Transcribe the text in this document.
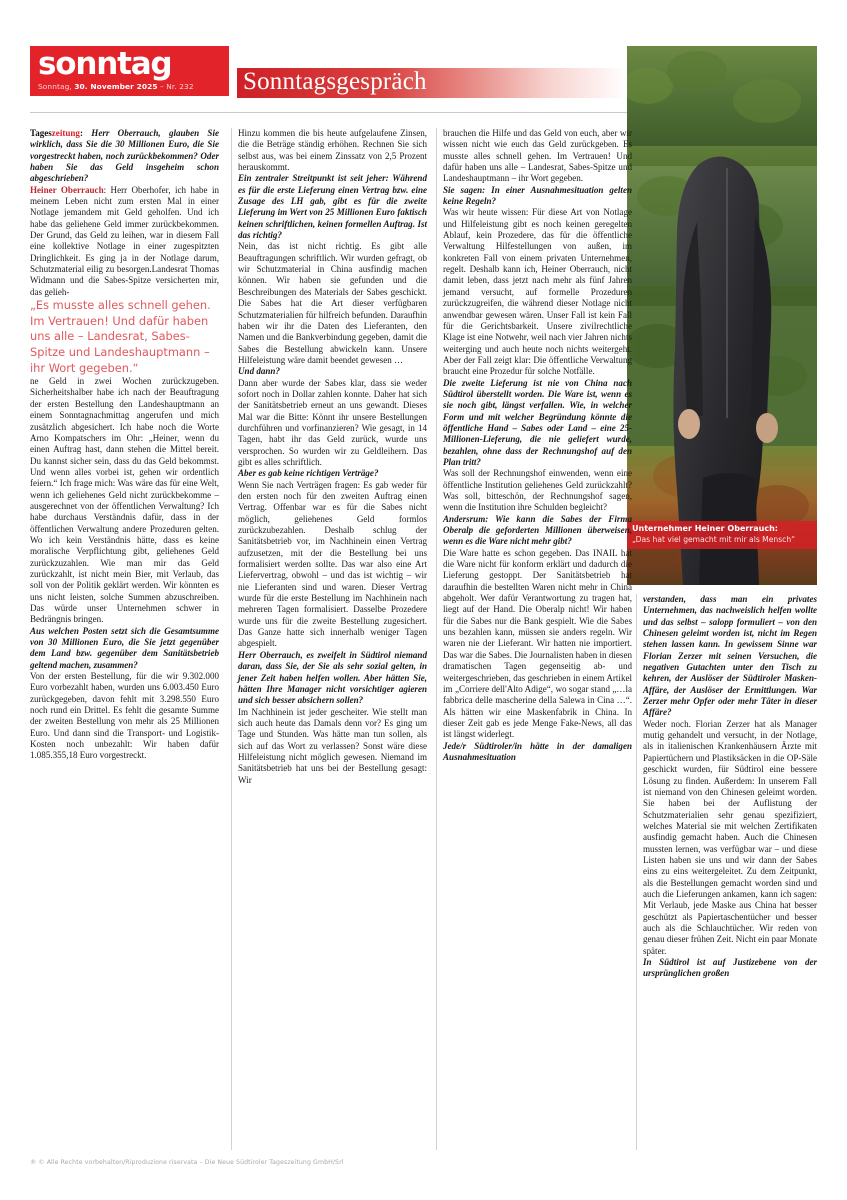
sonntag
Sonntag, 30. November 2025 – Nr. 232	Sonntagsgespräch
Unternehmer Heiner Oberrauch:
„Das hat viel gemacht mit mir als Mensch“

Tageszeitung: Herr Oberrauch, glauben Sie wirklich, dass Sie die 30 Millionen Euro, die Sie vorgestreckt haben, noch zurückbekommen? Oder haben Sie das Geld insgeheim schon abgeschrieben?

Heiner Oberrauch: Herr Oberhofer, ich habe in meinem Leben nicht zum ersten Mal in einer Notlage jemandem mit Geld geholfen. Und ich habe das geliehene Geld immer zurückbekommen. Der Grund, das Geld zu leihen, war in diesem Fall eine kollektive Notlage in einer zugespitzten Dringlichkeit. Es ging ja in der Notlage darum, Schutzmaterial eilig zu besorgen.Landesrat Thomas Widmann und die Sabes-Spitze versicherten mir, das gelieh-

„Es musste alles schnell gehen. Im Vertrauen! Und dafür haben uns alle – Landesrat, Sabes-Spitze und Landeshauptmann – ihr Wort gegeben.“

ne Geld in zwei Wochen zurückzugeben. Sicherheitshalber habe ich nach der Beauftragung der ersten Bestellung den Landeshauptmann an einem Sonntagnachmittag angerufen und mich zusätzlich abgesichert. Ich habe noch die Worte Arno Kompatschers im Ohr: „Heiner, wenn du einen Auftrag hast, dann stehen die Mittel bereit. Du kannst sicher sein, dass du das Geld bekommst. Und wenn alles vorbei ist, gehen wir ordentlich feiern.“ Ich frage mich: Was wäre das für eine Welt, wenn ich geliehenes Geld nicht zurückbekomme – ausgerechnet von der öffentlichen Verwaltung? Ich habe durchaus Verständnis dafür, dass in der öffentlichen Verwaltung andere Prozeduren gelten. Wo ich kein Verständnis hätte, dass es keine moralische Verpflichtung gibt, geliehenes Geld zurückzuzahlen. Wie man mir das Geld zurückzahlt, ist nicht mein Bier, mit Verlaub, das soll von der Politik geklärt werden. Wir könnten es uns nicht leisten, solche Summen abzuschreiben. Das würde unser Unternehmen schwer in Bedrängnis bringen.

Aus welchen Posten setzt sich die Gesamtsumme von 30 Millionen Euro, die Sie jetzt gegenüber dem Land bzw. gegenüber dem Sanitätsbetrieb geltend machen, zusammen?

Von der ersten Bestellung, für die wir 9.302.000 Euro vorbezahlt haben, wurden uns 6.003.450 Euro zurückgegeben, davon fehlt mit 3.298.550 Euro noch rund ein Drittel. Es fehlt die gesamte Summe der zweiten Bestellung von mehr als 25 Millionen Euro. Und dann sind die Transport- und Logistik-Kosten noch unbezahlt: Wir haben dafür 1.085.355,18 Euro vorgestreckt.

Hinzu kommen die bis heute aufgelaufene Zinsen, die die Beträge ständig erhöhen. Rechnen Sie sich selbst aus, was bei einem Zinssatz von 2,5 Prozent herauskommt.

Ein zentraler Streitpunkt ist seit jeher: Während es für die erste Lieferung einen Vertrag bzw. eine Zusage des LH gab, gibt es für die zweite Lieferung im Wert von 25 Millionen Euro faktisch keinen schriftlichen, keinen formellen Auftrag. Ist das richtig?

Nein, das ist nicht richtig. Es gibt alle Beauftragungen schriftlich. Wir wurden gefragt, ob wir Schutzmaterial in China ausfindig machen können. Wir haben sie gefunden und die Beschreibungen des Materials der Sabes geschickt. Die Sabes hat die Art dieser verfügbaren Schutzmaterialien für hilfreich befunden. Daraufhin haben wir ihr die Daten des Lieferanten, den Namen und die Bankverbindung gegeben, damit die Sabes die Bestellung abwickeln kann. Unsere Hilfeleistung wäre damit beendet gewesen …

Und dann?

Dann aber wurde der Sabes klar, dass sie weder sofort noch in Dollar zahlen konnte. Daher hat sich der Sanitätsbetrieb erneut an uns gewandt. Dieses Mal war die Bitte: Könnt ihr unsere Bestellungen durchführen und vorfinanzieren? Wie gesagt, in 14 Tagen, habt ihr das Geld zurück, wurde uns versprochen. So wurden wir zu Geldleihern. Das gibt es alles schriftlich.

Aber es gab keine richtigen Verträge?

Wenn Sie nach Verträgen fragen: Es gab weder für den ersten noch für den zweiten Auftrag einen Vertrag. Offenbar war es für die Sabes nicht möglich, geliehenes Geld formlos zurückzubezahlen. Deshalb schlug der Sanitätsbetrieb vor, im Nachhinein einen Vertrag aufzusetzen, mit der die Bestellung bei uns formalisiert werden sollte. Das war also eine Art Liefervertrag, obwohl – und das ist wichtig – wir nie Lieferanten sind und waren. Dieser Vertrag wurde für die erste Bestellung im Nachhinein nach mehreren Tagen formalisiert. Dasselbe Prozedere wurde uns für die zweite Bestellung zugesichert. Das Ganze hatte sich innerhalb weniger Tagen abgespielt.

Herr Oberrauch, es zweifelt in Südtirol niemand daran, dass Sie, der Sie als sehr sozial gelten, in jener Zeit haben helfen wollen. Aber hätten Sie, hätten Ihre Manager nicht vorsichtiger agieren und sich besser absichern sollen?

Im Nachhinein ist jeder gescheiter. Wie stellt man sich auch heute das Damals denn vor? Es ging um Tage und Stunden. Was hätte man tun sollen, als sich auf das Wort zu verlassen? Sonst wäre diese Hilfeleistung nicht möglich gewesen. Niemand im Sanitätsbetrieb hat uns bei der Bestellung gesagt: Wir

brauchen die Hilfe und das Geld von euch, aber wir wissen nicht wie euch das Geld zurückgeben. Es musste alles schnell gehen. Im Vertrauen! Und dafür haben uns alle – Landesrat, Sabes-Spitze und Landeshauptmann – ihr Wort gegeben.

Sie sagen: In einer Ausnahmesituation gelten keine Regeln?

Was wir heute wissen: Für diese Art von Notlage und Hilfeleistung gibt es noch keinen geregelten Ablauf, kein Prozedere, das für die öffentliche Verwaltung Hilfestellungen von außen, im konkreten Fall von einem privaten Unternehmen, regelt. Deshalb kann ich, Heiner Oberrauch, nicht damit leben, dass jetzt nach mehr als fünf Jahren jemand versucht, auf formelle Prozeduren zurückzugreifen, die während dieser Notlage nicht anwendbar gewesen wären. Unser Fall ist kein Fall für die Gerichtsbarkeit. Unsere zivilrechtliche Klage ist eine Notwehr, weil nach vier Jahren nichts weiterging und auch heute noch nichts weitergeht. Aber der Fall zeigt klar: Die öffentliche Verwaltung braucht eine Prozedur für solche Notfälle.

Die zweite Lieferung ist nie von China nach Südtirol überstellt worden. Die Ware ist, wenn es sie noch gibt, längst verfallen. Wie, in welcher Form und mit welcher Begründung könnte die öffentliche Hand – Sabes oder Land – eine 25-Millionen-Lieferung, die nie geliefert wurde, bezahlen, ohne dass der Rechnungshof auf den Plan tritt?

Was soll der Rechnungshof einwenden, wenn eine öffentliche Institution geliehenes Geld zurückzahlt? Was soll, bitteschön, der Rechnungshof sagen, wenn die Institution ihre Schulden begleicht?

Andersrum: Wie kann die Sabes der Firma Oberalp die geforderten Millionen überweisen, wenn es die Ware nicht mehr gibt?

Die Ware hatte es schon gegeben. Das INAIL hat die Ware nicht für konform erklärt und dadurch die Lieferung gestoppt. Der Sanitätsbetrieb hat daraufhin die bestellten Waren nicht mehr in China abgeholt. Wer dafür Verantwortung zu tragen hat, liegt auf der Hand. Die Oberalp nicht! Wir haben für die Sabes nur die Bank gespielt. Wie die Sabes uns bezahlen kann, müssen sie anders regeln. Wir waren nie der Lieferant. Wir hatten nie importiert. Das war die Sabes. Die Journalisten haben in diesen dramatischen Tagen gegenseitig ab- und weitergeschrieben, das geschrieben in einem Artikel im „Corriere dell'Alto Adige“, wo sogar stand „…la fabbrica delle mascherine della Salewa in Cina …“. Als hätten wir eine Maskenfabrik in China. In dieser Zeit gab es jede Menge Fake-News, all das ist längst widerlegt.

Jede/r Südtiroler/in hätte in der damaligen Ausnahmesituation

verstanden, dass man ein privates Unternehmen, das nachweislich helfen wollte und das selbst – salopp formuliert – von den Chinesen geleimt worden ist, nicht im Regen stehen lassen kann. In gewissem Sinne war Florian Zerzer mit seinen Versuchen, die negativen Gutachten unter den Tisch zu kehren, der Auslöser der Südtiroler Masken-Affäre, der Auslöser der Ermittlungen. War Zerzer mehr Opfer oder mehr Täter in dieser Affäre?

Weder noch. Florian Zerzer hat als Manager mutig gehandelt und versucht, in der Notlage, als in italienischen Krankenhäusern Ärzte mit Papiertüchern und Plastiksäcken in die OP-Säle geschickt wurden, für Südtirol eine bessere Lösung zu finden. Außerdem: In unserem Fall ist niemand von den Chinesen geleimt worden. Sie haben bei der Auflistung der Schutzmaterialien sehr genau spezifiziert, welches Material sie mit welchen Zertifikaten ausfindig gemacht haben. Auch die Chinesen mussten lernen, was verfügbar war – und diese Listen haben sie uns und wir dann der Sabes eins zu eins weitergeleitet. Zu dem Zeitpunkt, als die Bestellungen gemacht worden sind und auch die Lieferungen ankamen, kann ich sagen: Mit Verlaub, jede Maske aus China hat besser geschützt als Papiertaschentücher und besser auch als die Schlauchtücher. Wir reden von genau dieser frühen Zeit. Nicht ein paar Monate später.

In Südtirol ist auf Justizebene von der ursprünglichen großen

® © Alle Rechte vorbehalten/Riproduzione riservata – Die Neue Südtiroler Tageszeitung GmbH/Srl
